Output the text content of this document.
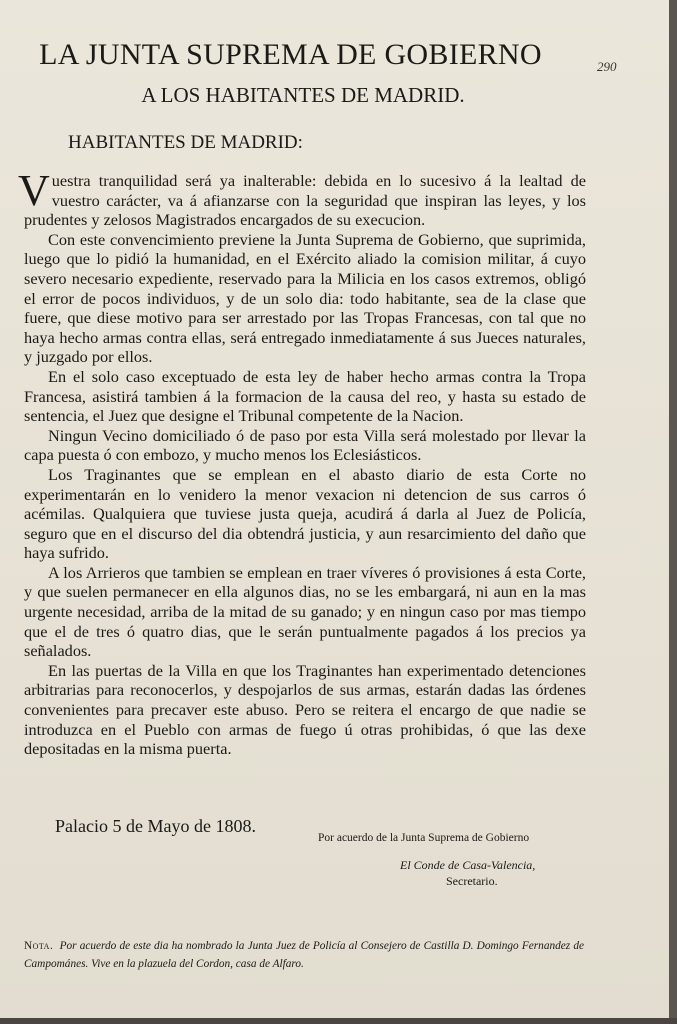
LA JUNTA SUPREMA DE GOBIERNO	290
A LOS HABITANTES DE MADRID.
HABITANTES DE MADRID:

Vuestra tranquilidad será ya inalterable: debida en lo sucesivo á la lealtad de vuestro carácter, va á afianzarse con la seguridad que inspiran las leyes, y los prudentes y zelosos Magistrados encargados de su execucion.

Con este convencimiento previene la Junta Suprema de Gobierno, que suprimida, luego que lo pidió la humanidad, en el Exército aliado la comision militar, á cuyo severo necesario expediente, reservado para la Milicia en los casos extremos, obligó el error de pocos individuos, y de un solo dia: todo habitante, sea de la clase que fuere, que diese motivo para ser arrestado por las Tropas Francesas, con tal que no haya hecho armas contra ellas, será entregado inmediatamente á sus Jueces naturales, y juzgado por ellos.

En el solo caso exceptuado de esta ley de haber hecho armas contra la Tropa Francesa, asistirá tambien á la formacion de la causa del reo, y hasta su estado de sentencia, el Juez que designe el Tribunal competente de la Nacion.

Ningun Vecino domiciliado ó de paso por esta Villa será molestado por llevar la capa puesta ó con embozo, y mucho menos los Eclesiásticos.

Los Traginantes que se emplean en el abasto diario de esta Corte no experimentarán en lo venidero la menor vexacion ni detencion de sus carros ó acémilas. Qualquiera que tuviese justa queja, acudirá á darla al Juez de Policía, seguro que en el discurso del dia obtendrá justicia, y aun resarcimiento del daño que haya sufrido.

A los Arrieros que tambien se emplean en traer víveres ó provisiones á esta Corte, y que suelen permanecer en ella algunos dias, no se les embargará, ni aun en la mas urgente necesidad, arriba de la mitad de su ganado; y en ningun caso por mas tiempo que el de tres ó quatro dias, que le serán puntualmente pagados á los precios ya señalados.

En las puertas de la Villa en que los Traginantes han experimentado detenciones arbitrarias para reconocerlos, y despojarlos de sus armas, estarán dadas las órdenes convenientes para precaver este abuso. Pero se reitera el encargo de que nadie se introduzca en el Pueblo con armas de fuego ú otras prohibidas, ó que las dexe depositadas en la misma puerta.

Palacio 5 de Mayo de 1808.
Por acuerdo de la Junta Suprema de Gobierno
El Conde de Casa-Valencia,
Secretario.
Nota. Por acuerdo de este dia ha nombrado la Junta Juez de Policía al Consejero de Castilla D. Domingo Fernandez de Campománes. Vive en la plazuela del Cordon, casa de Alfaro.
